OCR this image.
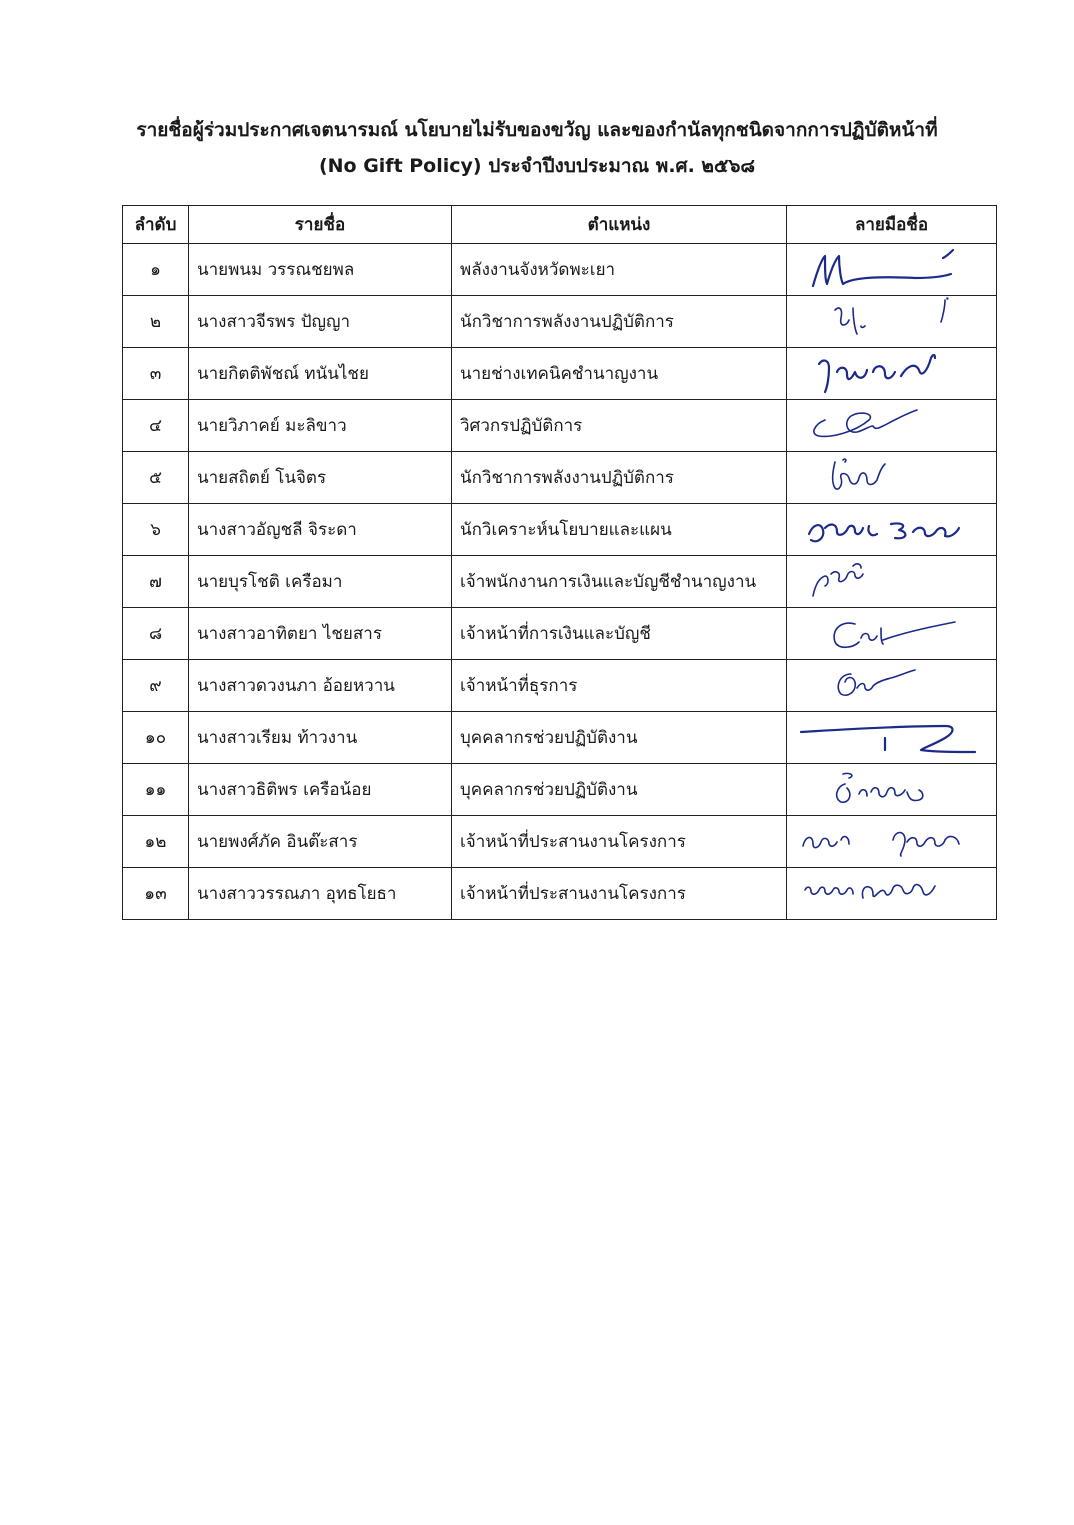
รายชื่อผู้ร่วมประกาศเจตนารมณ์ นโยบายไม่รับของขวัญ และของกำนัลทุกชนิดจากการปฏิบัติหน้าที่
(No Gift Policy) ประจำปีงบประมาณ พ.ศ. ๒๕๖๘
ลำดับ	รายชื่อ	ตำแหน่ง	ลายมือชื่อ
๑	นายพนม วรรณชยพล	พลังงานจังหวัดพะเยา	

๒	นางสาวจีรพร ปัญญา	นักวิชาการพลังงานปฏิบัติการ	

๓	นายกิตติพัชณ์ ทนันไชย	นายช่างเทคนิคชำนาญงาน	

๔	นายวิภาคย์ มะลิขาว	วิศวกรปฏิบัติการ	

๕	นายสถิตย์ โนจิตร	นักวิชาการพลังงานปฏิบัติการ	

๖	นางสาวอัญชลี จิระดา	นักวิเคราะห์นโยบายและแผน	

๗	นายบุรโชติ เครือมา	เจ้าพนักงานการเงินและบัญชีชำนาญงาน	

๘	นางสาวอาทิตยา ไชยสาร	เจ้าหน้าที่การเงินและบัญชี	

๙	นางสาวดวงนภา อ้อยหวาน	เจ้าหน้าที่ธุรการ	

๑๐	นางสาวเรียม ท้าวงาน	บุคคลากรช่วยปฏิบัติงาน	

๑๑	นางสาวธิติพร เครือน้อย	บุคคลากรช่วยปฏิบัติงาน	

๑๒	นายพงศ์ภัค อินต๊ะสาร	เจ้าหน้าที่ประสานงานโครงการ	

๑๓	นางสาววรรณภา อุทธโยธา	เจ้าหน้าที่ประสานงานโครงการ	
